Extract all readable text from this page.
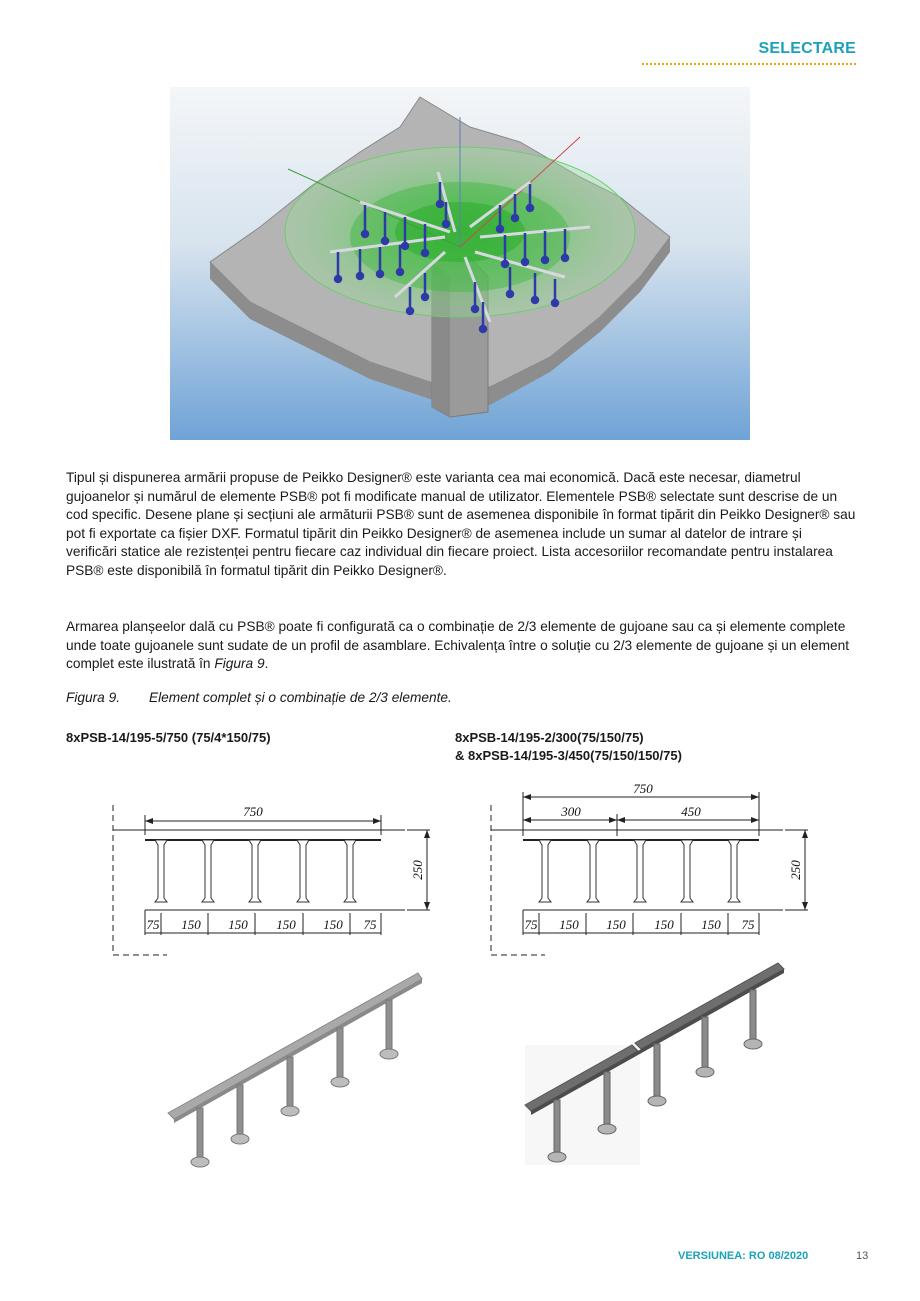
SELECTARE

Tipul și dispunerea armării propuse de Peikko Designer® este varianta cea mai economică. Dacă este necesar, diametrul gujoanelor și numărul de elemente PSB® pot fi modificate manual de utilizator. Elementele PSB® selectate sunt descrise de un cod specific. Desene plane și secțiuni ale armăturii PSB® sunt de asemenea disponibile în format tipărit din Peikko Designer® sau pot fi exportate ca fișier DXF. Formatul tipărit din Peikko Designer® de asemenea include un sumar al datelor de intrare și verificări statice ale rezistenței pentru fiecare caz individual din fiecare proiect. Lista accesoriilor recomandate pentru instalarea PSB® este disponibilă în formatul tipărit din Peikko Designer®.

Armarea planșeelor dală cu PSB® poate fi configurată ca o combinație de 2/3 elemente de gujoane sau ca și elemente complete unde toate gujoanele sunt sudate de un profil de asamblare. Echivalența între o soluție cu 2/3 elemente de gujoane și un element complet este ilustrată în Figura 9.

Figura 9. Element complet și o combinație de 2/3 elemente.
8xPSB-14/195-5/750 (75/4*150/75)	8xPSB-14/195-2/300(75/150/75)
& 8xPSB-14/195-3/450(75/150/150/75)
750
250
75 150 150 150 150 75
750
300	450
250
75 150 150 150 150 75
VERSIUNEA: RO 08/2020	13
